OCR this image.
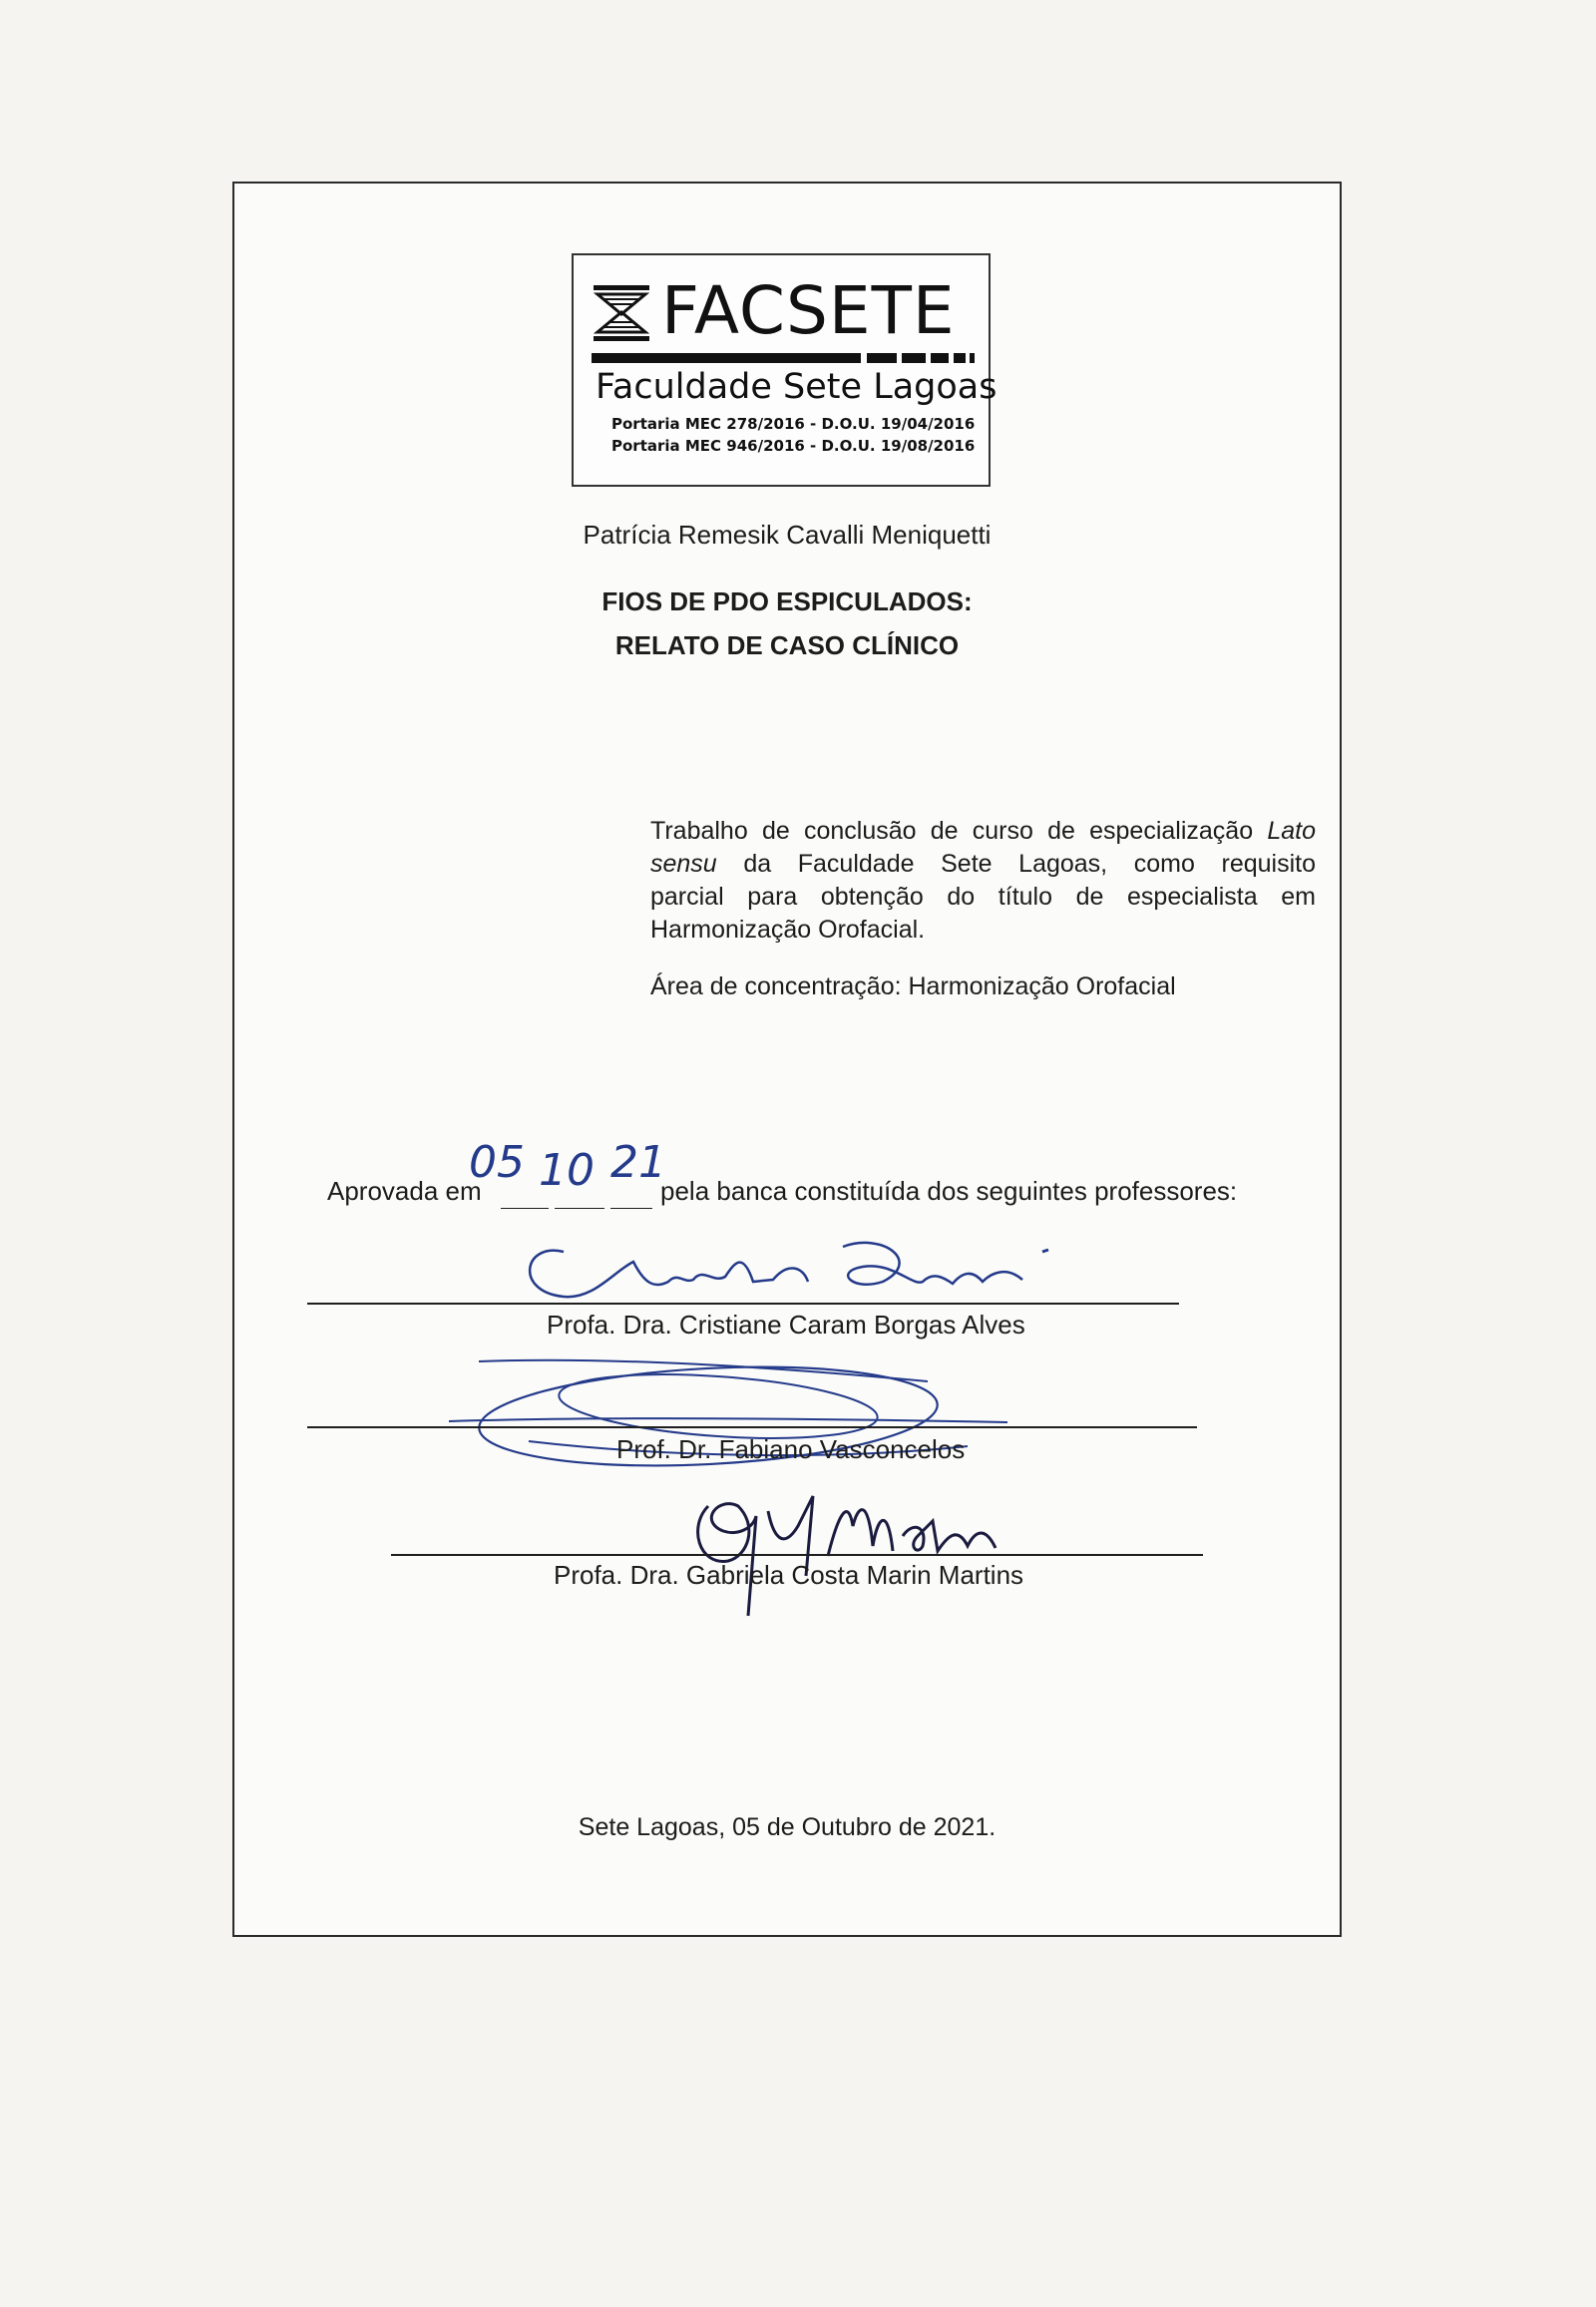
FACSETE
Faculdade Sete Lagoas
Portaria MEC 278/2016 - D.O.U. 19/04/2016
Portaria MEC 946/2016 - D.O.U. 19/08/2016
Patrícia Remesik Cavalli Meniquetti
FIOS DE PDO ESPICULADOS:
RELATO DE CASO CLÍNICO
Trabalho de conclusão de curso de especialização Lato
sensu da Faculdade Sete Lagoas, como requisito
parcial para obtenção do título de especialista em
Harmonização Orofacial.
Área de concentração: Harmonização Orofacial
Aprovada em
05 10 21
pela banca constituída dos seguintes professores:
Profa. Dra. Cristiane Caram Borgas Alves
Prof. Dr. Fabiano Vasconcelos
Profa. Dra. Gabriela Costa Marin Martins
Sete Lagoas, 05 de Outubro de 2021.
